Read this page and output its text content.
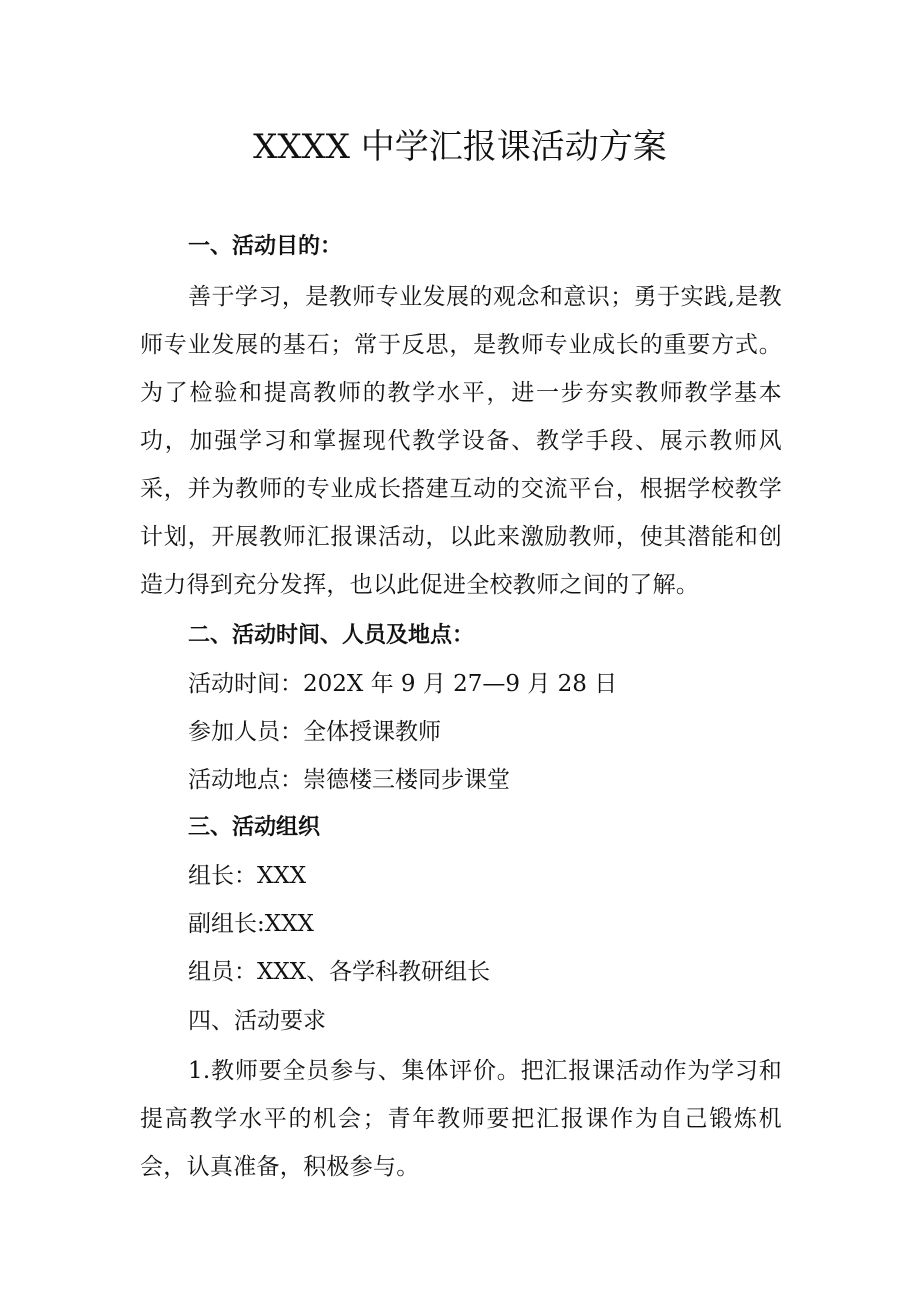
XXXX 中学汇报课活动方案
一、活动目的：
善于学习，是教师专业发展的观念和意识；勇于实践,是教师专业发展的基石；常于反思，是教师专业成长的重要方式。为了检验和提高教师的教学水平，进一步夯实教师教学基本功，加强学习和掌握现代教学设备、教学手段、展示教师风采，并为教师的专业成长搭建互动的交流平台，根据学校教学计划，开展教师汇报课活动，以此来激励教师，使其潜能和创造力得到充分发挥，也以此促进全校教师之间的了解。
二、活动时间、人员及地点：
活动时间：202X 年 9 月 27—9 月 28 日
参加人员：全体授课教师
活动地点：崇德楼三楼同步课堂
三、活动组织
组长：XXX
副组长:XXX
组员：XXX、各学科教研组长
四、活动要求
1.教师要全员参与、集体评价。把汇报课活动作为学习和提高教学水平的机会；青年教师要把汇报课作为自己锻炼机会，认真准备，积极参与。
